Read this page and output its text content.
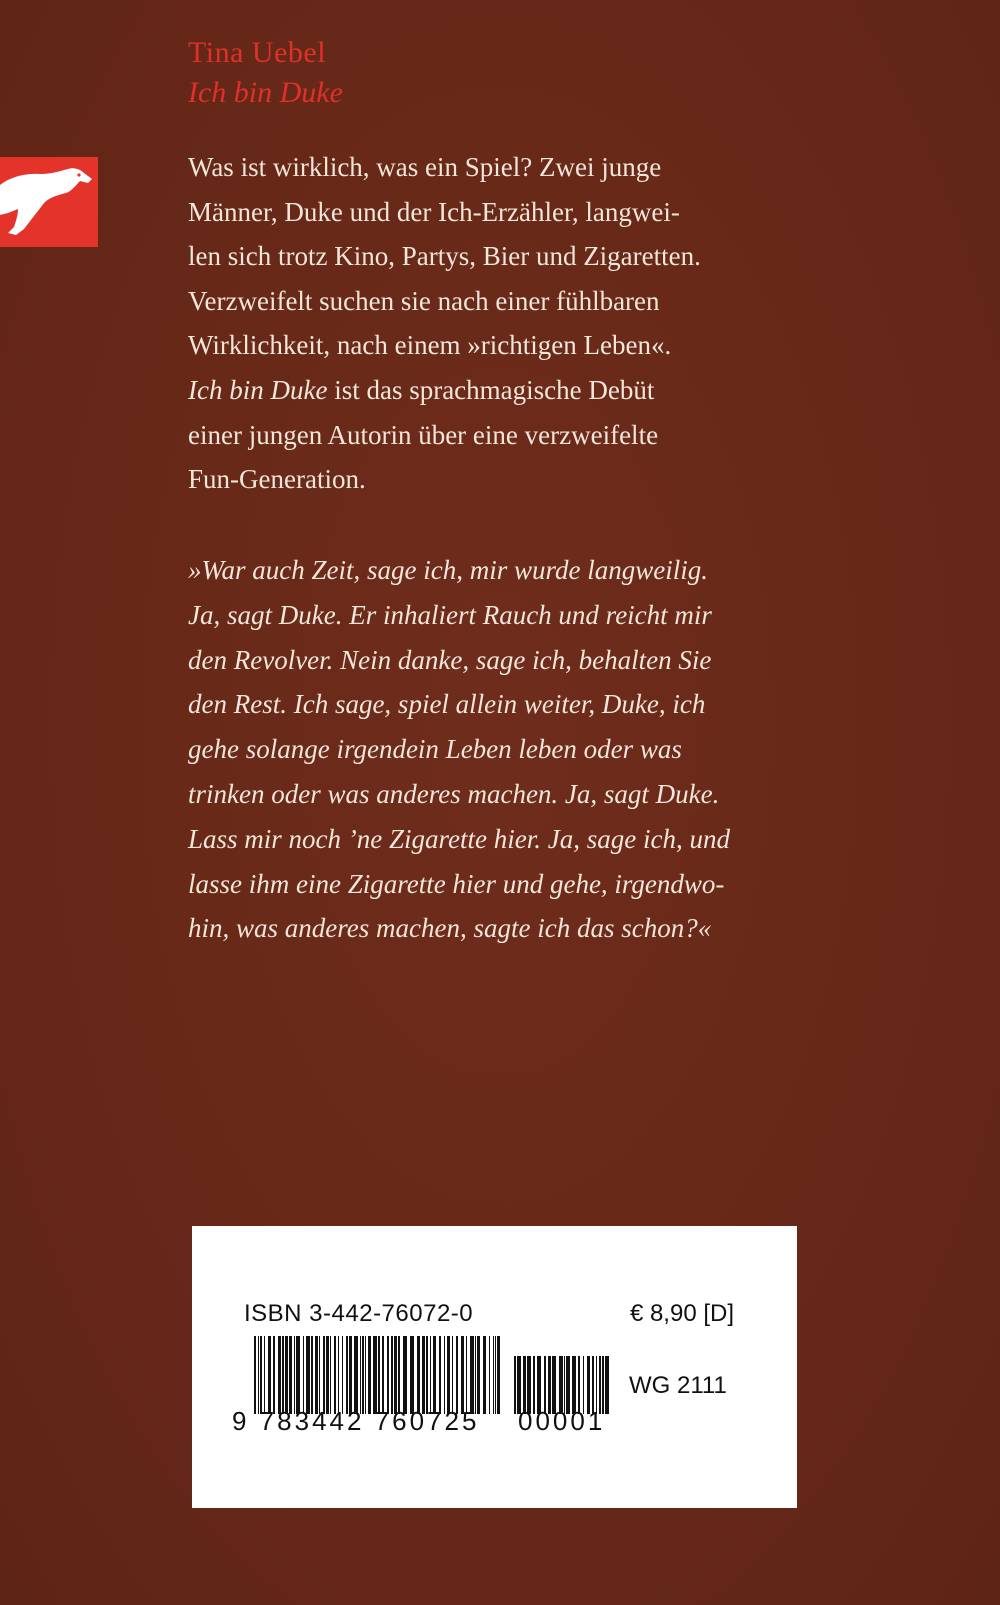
Tina Uebel
Ich bin Duke
Was ist wirklich, was ein Spiel? Zwei junge
Männer, Duke und der Ich-Erzähler, langwei-
len sich trotz Kino, Partys, Bier und Zigaretten.
Verzweifelt suchen sie nach einer fühlbaren
Wirklichkeit, nach einem »richtigen Leben«.
Ich bin Duke ist das sprachmagische Debüt
einer jungen Autorin über eine verzweifelte
Fun-Generation.
»War auch Zeit, sage ich, mir wurde langweilig.
Ja, sagt Duke. Er inhaliert Rauch und reicht mir
den Revolver. Nein danke, sage ich, behalten Sie
den Rest. Ich sage, spiel allein weiter, Duke, ich
gehe solange irgendein Leben leben oder was
trinken oder was anderes machen. Ja, sagt Duke.
Lass mir noch ’ne Zigarette hier. Ja, sage ich, und
lasse ihm eine Zigarette hier und gehe, irgendwo-
hin, was anderes machen, sagte ich das schon?«
ISBN 3-442-76072-0	€ 8,90 [D]
9 783442 760725 00001
WG 2111
